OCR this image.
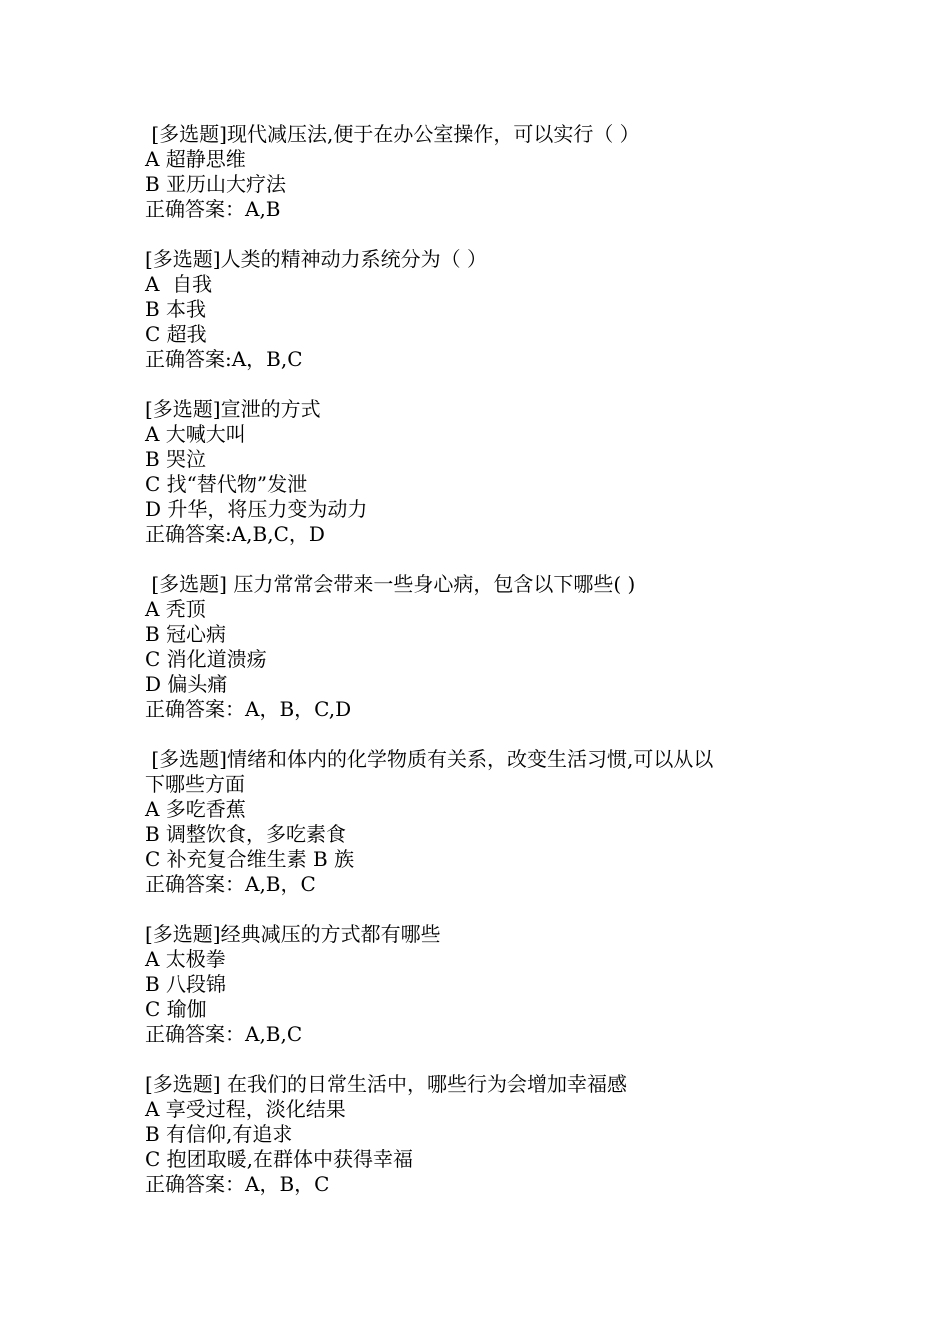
[多选题]现代减压法,便于在办公室操作，可以实行（ ）
A 超静思维
B 亚历山大疗法
正确答案：A,B
[多选题]人类的精神动力系统分为（ ）
A  自我
B 本我
C 超我
正确答案:A，B,C
[多选题]宣泄的方式
A 大喊大叫
B 哭泣
C 找“替代物”发泄
D 升华，将压力变为动力
正确答案:A,B,C，D
[多选题] 压力常常会带来一些身心病，包含以下哪些( )
A 秃顶
B 冠心病
C 消化道溃疡
D 偏头痛
正确答案：A，B，C,D
[多选题]情绪和体内的化学物质有关系，改变生活习惯,可以从以
下哪些方面
A 多吃香蕉
B 调整饮食，多吃素食
C 补充复合维生素 B 族
正确答案：A,B，C
[多选题]经典减压的方式都有哪些
A 太极拳
B 八段锦
C 瑜伽
正确答案：A,B,C
[多选题] 在我们的日常生活中，哪些行为会增加幸福感
A 享受过程，淡化结果
B 有信仰,有追求
C 抱团取暖,在群体中获得幸福
正确答案：A，B，C
